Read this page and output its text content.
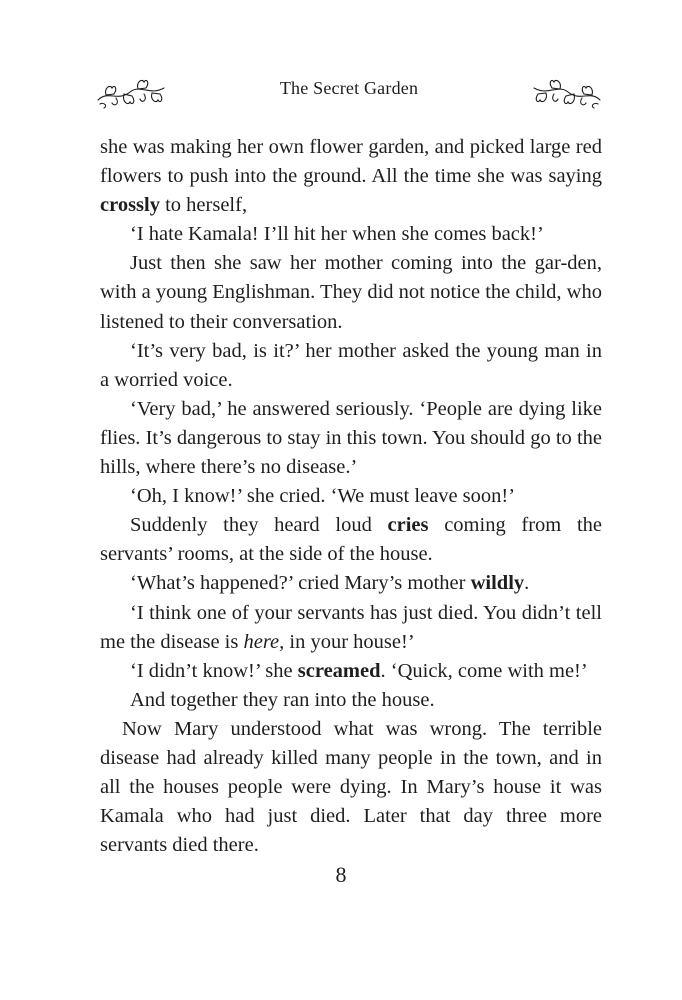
The Secret Garden

she was making her own flower garden, and picked large red flowers to push into the ground. All the time she was saying crossly to herself,

‘I hate Kamala! I’ll hit her when she comes back!’

Just then she saw her mother coming into the gar-den, with a young Englishman. They did not notice the child, who listened to their conversation.

‘It’s very bad, is it?’ her mother asked the young man in a worried voice.

‘Very bad,’ he answered seriously. ‘People are dying like flies. It’s dangerous to stay in this town. You should go to the hills, where there’s no disease.’

‘Oh, I know!’ she cried. ‘We must leave soon!’

Suddenly they heard loud cries coming from the servants’ rooms, at the side of the house.

‘What’s happened?’ cried Mary’s mother wildly.

‘I think one of your servants has just died. You didn’t tell me the disease is here, in your house!’

‘I didn’t know!’ she screamed. ‘Quick, come with me!’

And together they ran into the house.

Now Mary understood what was wrong. The terrible disease had already killed many people in the town, and in all the houses people were dying. In Mary’s house it was Kamala who had just died. Later that day three more servants died there.

8
